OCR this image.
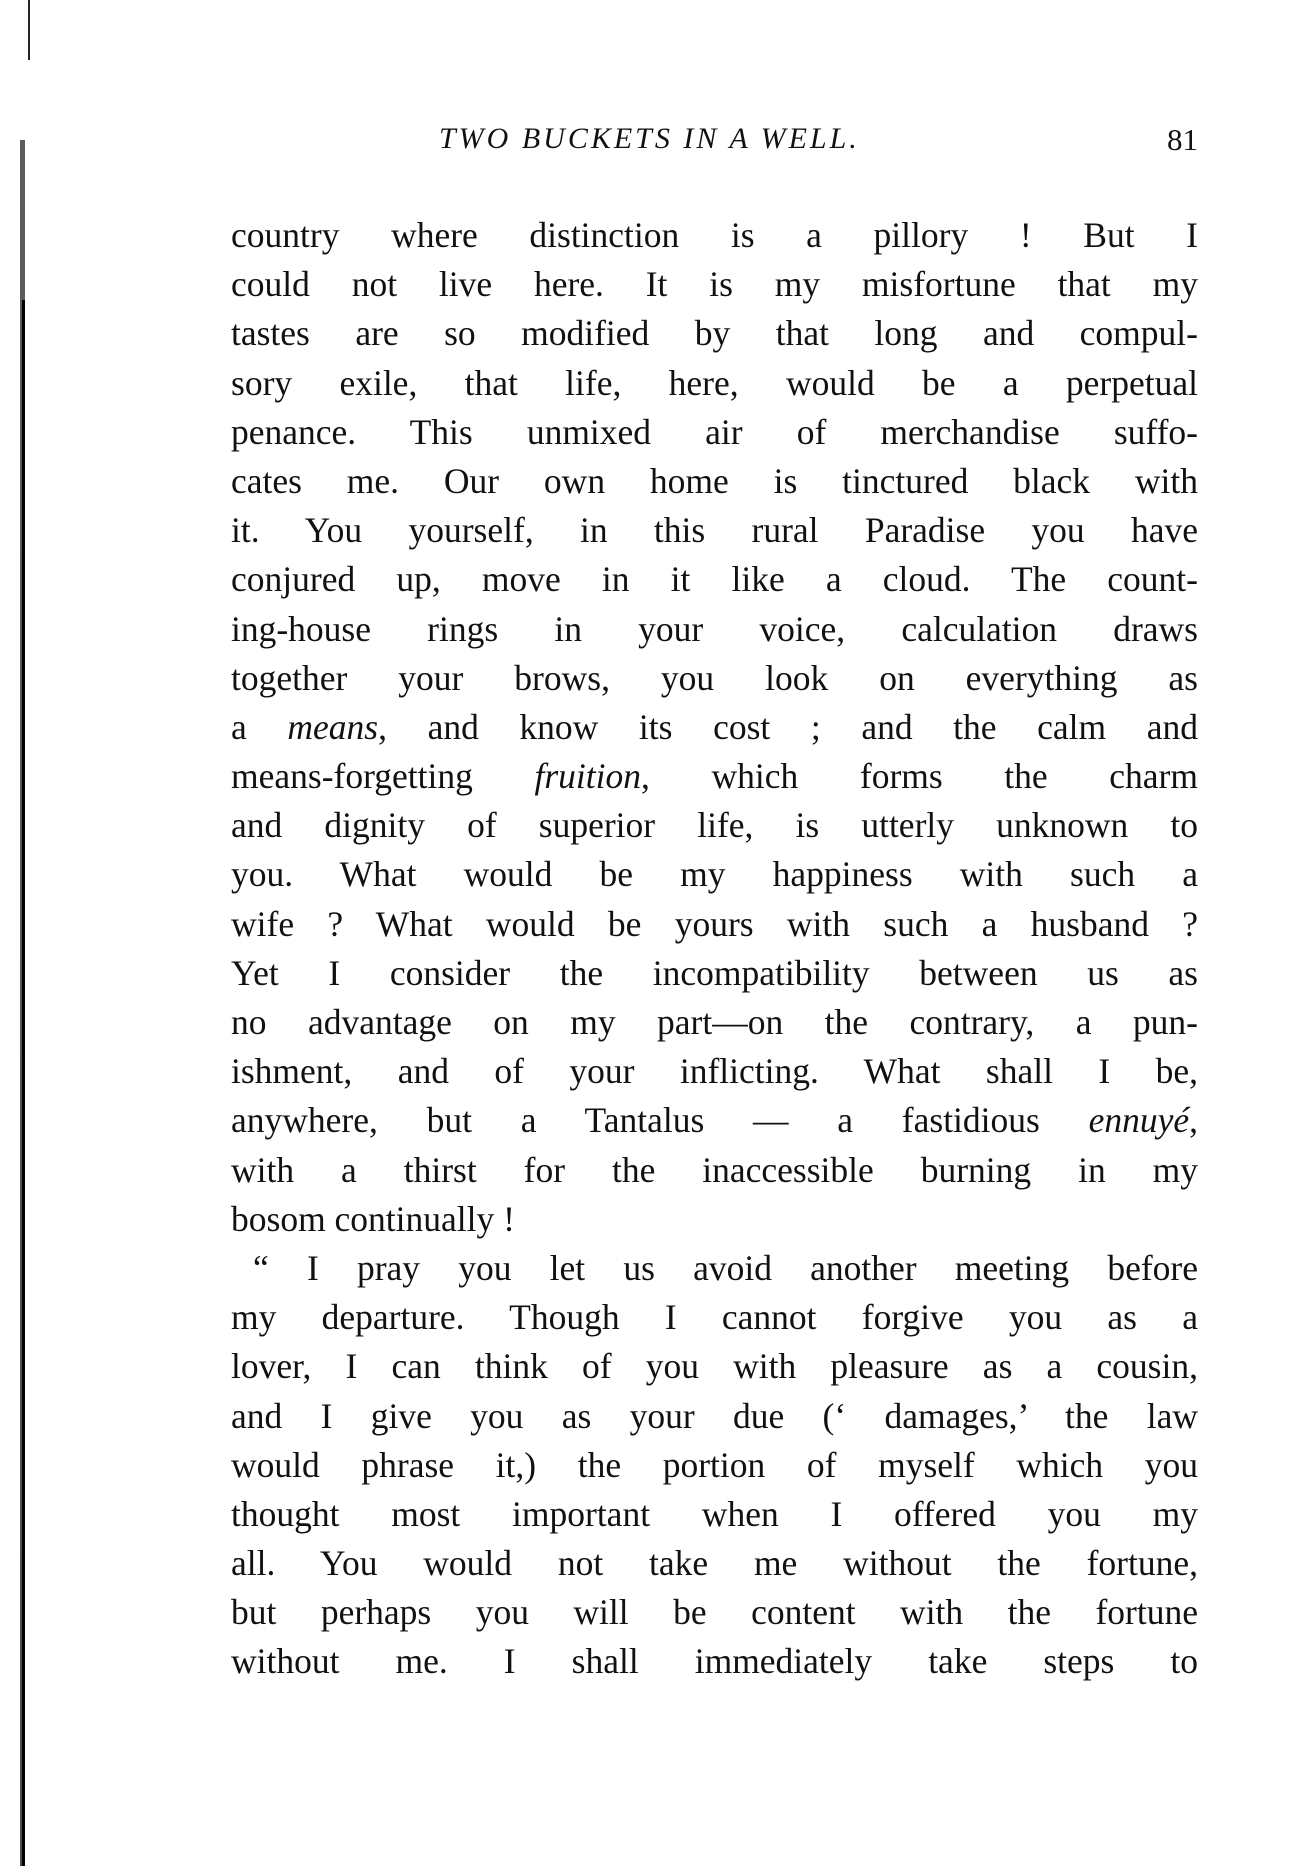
TWO BUCKETS IN A WELL.	81
country where distinction is a pillory ! But I
could not live here. It is my misfortune that my
tastes are so modified by that long and compul-
sory exile, that life, here, would be a perpetual
penance. This unmixed air of merchandise suffo-
cates me. Our own home is tinctured black with
it. You yourself, in this rural Paradise you have
conjured up, move in it like a cloud. The count-
ing-house rings in your voice, calculation draws
together your brows, you look on everything as
a means, and know its cost ; and the calm and
means-forgetting fruition, which forms the charm
and dignity of superior life, is utterly unknown to
you. What would be my happiness with such a
wife ? What would be yours with such a husband ?
Yet I consider the incompatibility between us as
no advantage on my part—on the contrary, a pun-
ishment, and of your inflicting. What shall I be,
anywhere, but a Tantalus — a fastidious ennuyé,
with a thirst for the inaccessible burning in my
bosom continually !
“ I pray you let us avoid another meeting before
my departure. Though I cannot forgive you as a
lover, I can think of you with pleasure as a cousin,
and I give you as your due (‘ damages,’ the law
would phrase it,) the portion of myself which you
thought most important when I offered you my
all. You would not take me without the fortune,
but perhaps you will be content with the fortune
without me. I shall immediately take steps to
